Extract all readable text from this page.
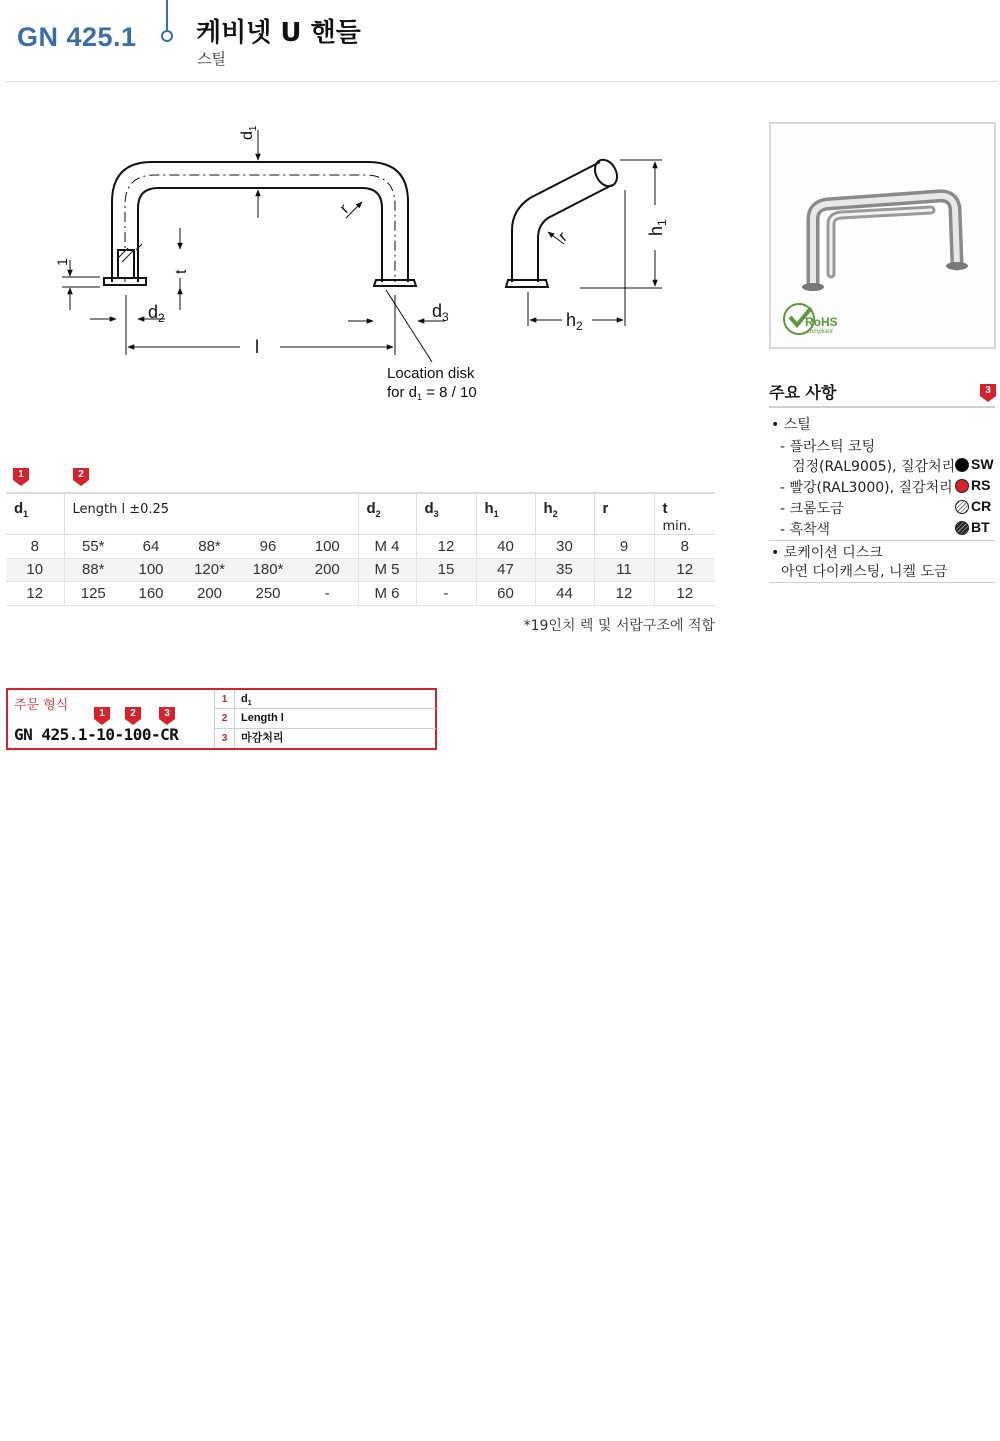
GN 425.1 케비넷 U 핸들
스틸
$d_1$
r
t
1
$d_2$	$d_3$
l
$h_1$
$h_2$
r
Location disk
for $d_1 = 8 / 10$
RoHS
compliant
주요 사항	3
• 스틸
- 플라스틱 코팅
검정(RAL9005), 질감처리
- 빨강(RAL3000), 질감처리
- 크롬도금
- 흑착색
• 로케이션 디스크
아연 다이캐스팅, 니켈 도금
SW
RS
CR
BT
1	2
$d_1$	Length l ±0.25					$d_2$	$d_3$	$h_1$	$h_2$	r	t
min.
8	55*	64	88*	96	100	M 4	12	40	30	9	8
10	88*	100	120*	180*	200	M 5	15	47	35	11	12
12	125	160	200	250	-	M 6	-	60	44	12	12
*19인치 렉 및 서랍구조에 적합
주문 형식
1	2	3
GN 425.1-10-100-CR
1	$d_1$
2	Length l
3	마감처리
